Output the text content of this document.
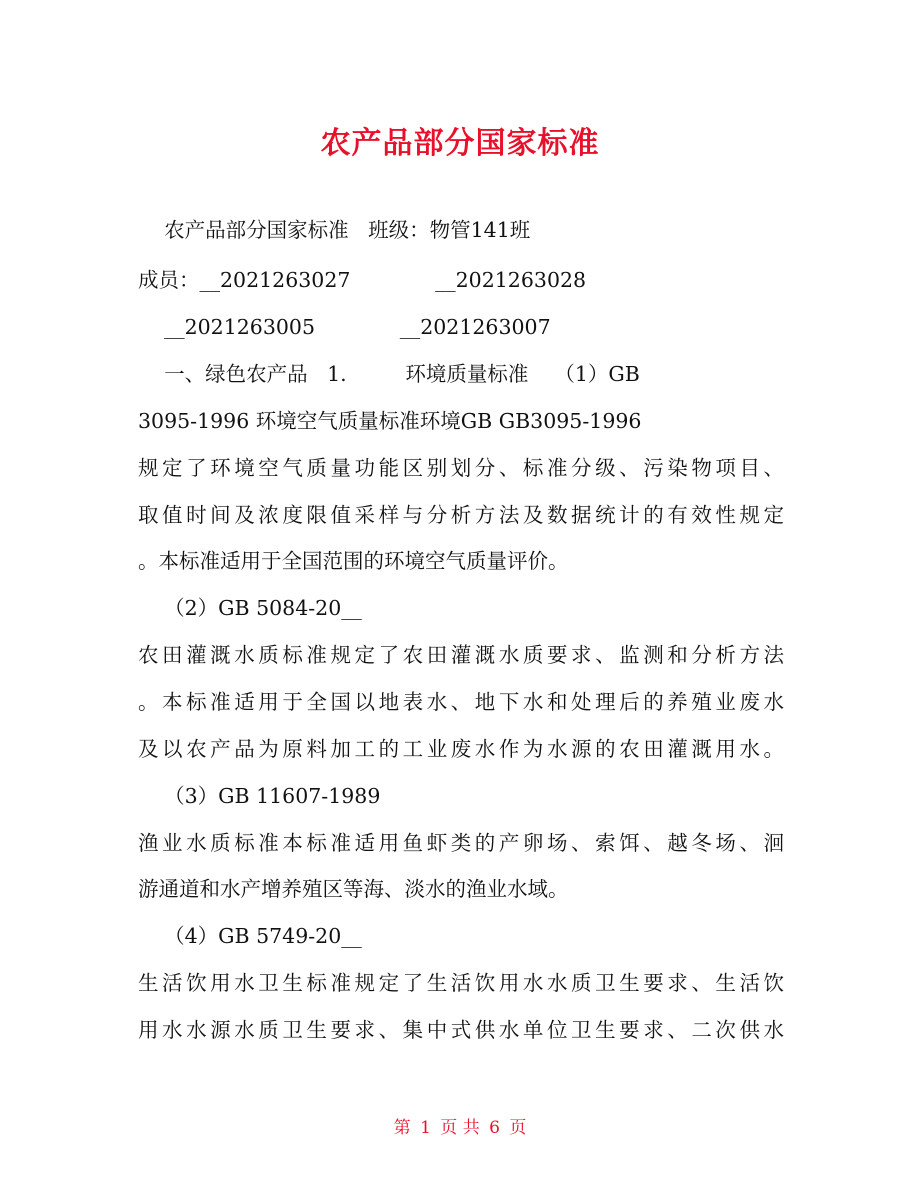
农产品部分国家标准
农产品部分国家标准   班级：物管141班
成员：__2021263027             __2021263028
__2021263005             __2021263007
一、绿色农产品   1.         环境质量标准    （1）GB
3095-1996 环境空气质量标准环境GB GB3095-1996
规定了环境空气质量功能区别划分、标准分级、污染物项目、
取值时间及浓度限值采样与分析方法及数据统计的有效性规定
。本标准适用于全国范围的环境空气质量评价。
（2）GB 5084-20__
农田灌溉水质标准规定了农田灌溉水质要求、监测和分析方法
。本标准适用于全国以地表水、地下水和处理后的养殖业废水
及以农产品为原料加工的工业废水作为水源的农田灌溉用水。
（3）GB 11607-1989
渔业水质标准本标准适用鱼虾类的产卵场、索饵、越冬场、洄
游通道和水产增养殖区等海、淡水的渔业水域。
（4）GB 5749-20__
生活饮用水卫生标准规定了生活饮用水水质卫生要求、生活饮
用水水源水质卫生要求、集中式供水单位卫生要求、二次供水
第 1 页 共 6 页
